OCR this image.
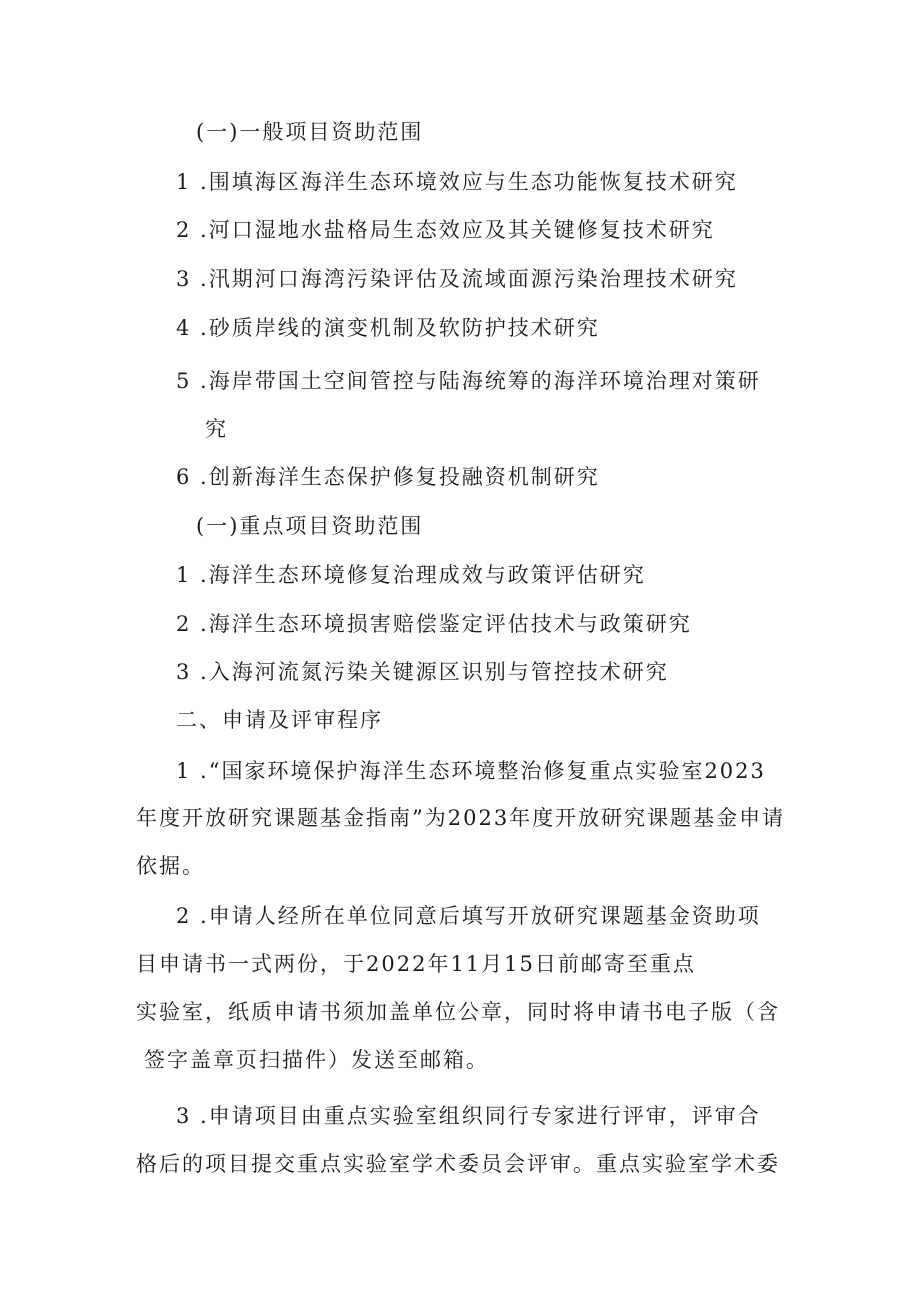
(一)一般项目资助范围
1 .围填海区海洋生态环境效应与生态功能恢复技术研究
2 .河口湿地水盐格局生态效应及其关键修复技术研究
3 .汛期河口海湾污染评估及流域面源污染治理技术研究
4 .砂质岸线的演变机制及软防护技术研究
5 .海岸带国土空间管控与陆海统筹的海洋环境治理对策研
究
6 .创新海洋生态保护修复投融资机制研究
(一)重点项目资助范围
1 .海洋生态环境修复治理成效与政策评估研究
2 .海洋生态环境损害赔偿鉴定评估技术与政策研究
3 .入海河流氮污染关键源区识别与管控技术研究
二、申请及评审程序
1 .“国家环境保护海洋生态环境整治修复重点实验室2023
年度开放研究课题基金指南”为2023年度开放研究课题基金申请
依据。
2 .申请人经所在单位同意后填写开放研究课题基金资助项
目申请书一式两份，于2022年11月15日前邮寄至重点
实验室，纸质申请书须加盖单位公章，同时将申请书电子版（含
签字盖章页扫描件）发送至邮箱。
3 .申请项目由重点实验室组织同行专家进行评审，评审合
格后的项目提交重点实验室学术委员会评审。重点实验室学术委
